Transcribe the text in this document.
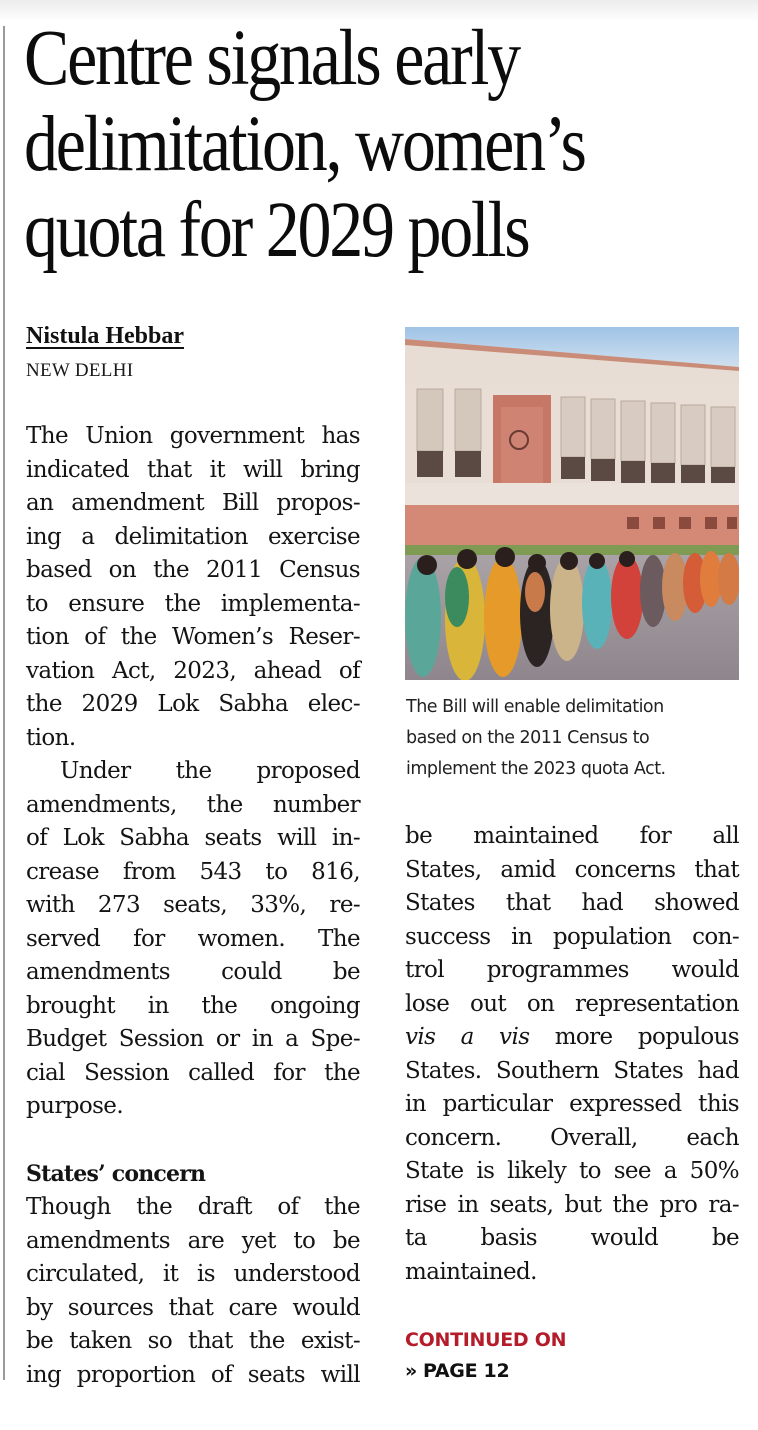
Centre signals early
delimitation, women’s
quota for 2029 polls
Nistula Hebbar
NEW DELHI
The Bill will enable delimitation
based on the 2011 Census to
implement the 2023 quota Act.

The Union government has
indicated that it will bring
an amendment Bill propos-
ing a delimitation exercise
based on the 2011 Census
to ensure the implementa-
tion of the Women’s Reser-
vation Act, 2023, ahead of
the 2029 Lok Sabha elec-
tion.

Under the proposed
amendments, the number
of Lok Sabha seats will in-
crease from 543 to 816,
with 273 seats, 33%, re-
served for women. The
amendments could be
brought in the ongoing
Budget Session or in a Spe-
cial Session called for the
purpose.

States’ concern

Though the draft of the
amendments are yet to be
circulated, it is understood
by sources that care would
be taken so that the exist-
ing proportion of seats will

be maintained for all
States, amid concerns that
States that had showed
success in population con-
trol programmes would
lose out on representation
vis a vis more populous
States. Southern States had
in particular expressed this
concern. Overall, each
State is likely to see a 50%
rise in seats, but the pro ra-
ta basis would be
maintained.

CONTINUED ON
» PAGE 12
